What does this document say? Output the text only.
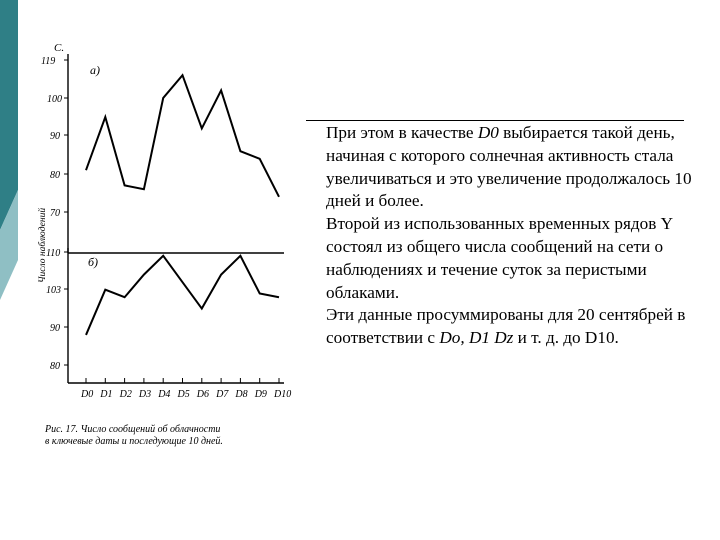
C.
a)
119
100
90
80
70
Число наблюдений	б)
110
103
90
80
D0 D1 D2 D3 D4 D5 D6 D7 D8 D9 D10
Рис. 17. Число сообщений об облачности
в ключевые даты и последующие 10 дней.

При этом в качестве D0 выбирается такой день, начиная с которого солнечная активность стала увеличиваться и это увеличение продолжалось 10 дней и более.

Второй из использованных временных рядов Y состоял из общего числа сообщений на сети о наблюдениях и течение суток за перистыми облаками.

Эти данные просуммированы для 20 сентябрей в соответствии с Do, D1 Dz и т. д. до D10.
